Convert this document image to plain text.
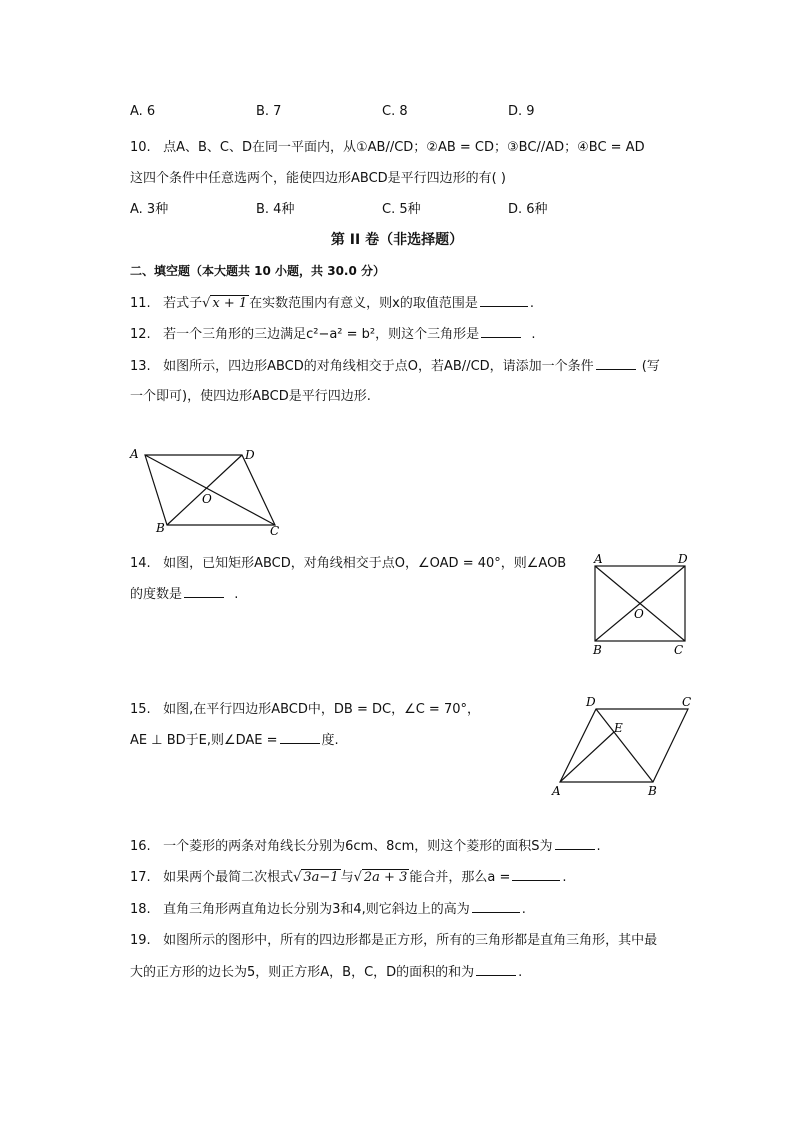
A. 6	B. 7	C. 8	D. 9
10. 点A、B、C、D在同一平面内，从①AB//CD；②AB = CD；③BC//AD；④BC = AD
这四个条件中任意选两个，能使四边形ABCD是平行四边形的有( )
A. 3种	B. 4种	C. 5种	D. 6种
第 II 卷（非选择题）
二、填空题（本大题共 10 小题，共 30.0 分）
11. 若式子√ x + 1 在实数范围内有意义，则x的取值范围是	.
12. 若一个三角形的三边满足c²−a² = b²，则这个三角形是	.
13. 如图所示，四边形ABCD的对角线相交于点O，若AB//CD，请添加一个条件	(写
一个即可)，使四边形ABCD是平行四边形.
A	D
O
B	C
14. 如图，已知矩形ABCD，对角线相交于点O，∠OAD = 40°，则∠AOB
的度数是	.
A	D
O
B	C
15. 如图,在平行四边形ABCD中，DB = DC，∠C = 70°，
AE ⊥ BD于E,则∠DAE =	度.
D	C
E
A	B
16. 一个菱形的两条对角线长分别为6cm、8cm，则这个菱形的面积S为	.
17. 如果两个最简二次根式√ 3a−1 与√ 2a + 3 能合并，那么a =	.
18. 直角三角形两直角边长分别为3和4,则它斜边上的高为	.
19. 如图所示的图形中，所有的四边形都是正方形，所有的三角形都是直角三角形，其中最
大的正方形的边长为5，则正方形A，B，C，D的面积的和为	.
